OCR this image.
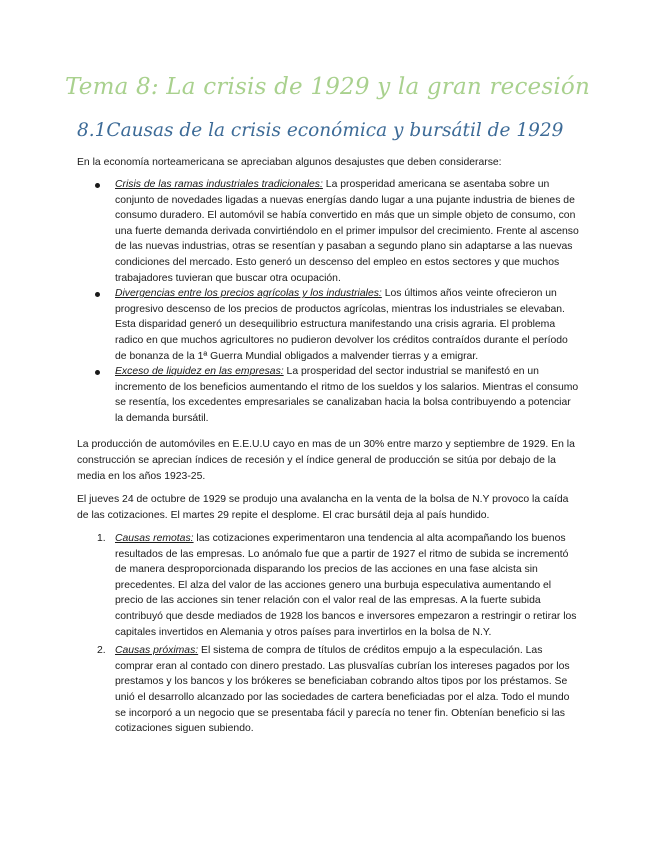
Tema 8: La crisis de 1929 y la gran recesión
8.1Causas de la crisis económica y bursátil de 1929

En la economía norteamericana se apreciaban algunos desajustes que deben considerarse:

Crisis de las ramas industriales tradicionales: La prosperidad americana se asentaba sobre un conjunto de novedades ligadas a nuevas energías dando lugar a una pujante industria de bienes de consumo duradero. El automóvil se había convertido en más que un simple objeto de consumo, con una fuerte demanda derivada convirtiéndolo en el primer impulsor del crecimiento. Frente al ascenso de las nuevas industrias, otras se resentían y pasaban a segundo plano sin adaptarse a las nuevas condiciones del mercado. Esto generó un descenso del empleo en estos sectores y que muchos trabajadores tuvieran que buscar otra ocupación.
Divergencias entre los precios agrícolas y los industriales: Los últimos años veinte ofrecieron un progresivo descenso de los precios de productos agrícolas, mientras los industriales se elevaban. Esta disparidad generó un desequilibrio estructura manifestando una crisis agraria. El problema radico en que muchos agricultores no pudieron devolver los créditos contraídos durante el período de bonanza de la 1ª Guerra Mundial obligados a malvender tierras y a emigrar.
Exceso de liquidez en las empresas: La prosperidad del sector industrial se manifestó en un incremento de los beneficios aumentando el ritmo de los sueldos y los salarios. Mientras el consumo se resentía, los excedentes empresariales se canalizaban hacia la bolsa contribuyendo a potenciar la demanda bursátil.

La producción de automóviles en E.E.U.U cayo en mas de un 30% entre marzo y septiembre de 1929. En la construcción se aprecian índices de recesión y el índice general de producción se sitúa por debajo de la media en los años 1923-25.

El jueves 24 de octubre de 1929 se produjo una avalancha en la venta de la bolsa de N.Y provoco la caída de las cotizaciones. El martes 29 repite el desplome. El crac bursátil deja al país hundido.

1. Causas remotas: las cotizaciones experimentaron una tendencia al alta acompañando los buenos resultados de las empresas. Lo anómalo fue que a partir de 1927 el ritmo de subida se incrementó de manera desproporcionada disparando los precios de las acciones en una fase alcista sin precedentes. El alza del valor de las acciones genero una burbuja especulativa aumentando el precio de las acciones sin tener relación con el valor real de las empresas. A la fuerte subida contribuyó que desde mediados de 1928 los bancos e inversores empezaron a restringir o retirar los capitales invertidos en Alemania y otros países para invertirlos en la bolsa de N.Y.
2. Causas próximas: El sistema de compra de títulos de créditos empujo a la especulación. Las comprar eran al contado con dinero prestado. Las plusvalías cubrían los intereses pagados por los prestamos y los bancos y los brókeres se beneficiaban cobrando altos tipos por los préstamos. Se unió el desarrollo alcanzado por las sociedades de cartera beneficiadas por el alza. Todo el mundo se incorporó a un negocio que se presentaba fácil y parecía no tener fin. Obtenían beneficio si las cotizaciones siguen subiendo.
